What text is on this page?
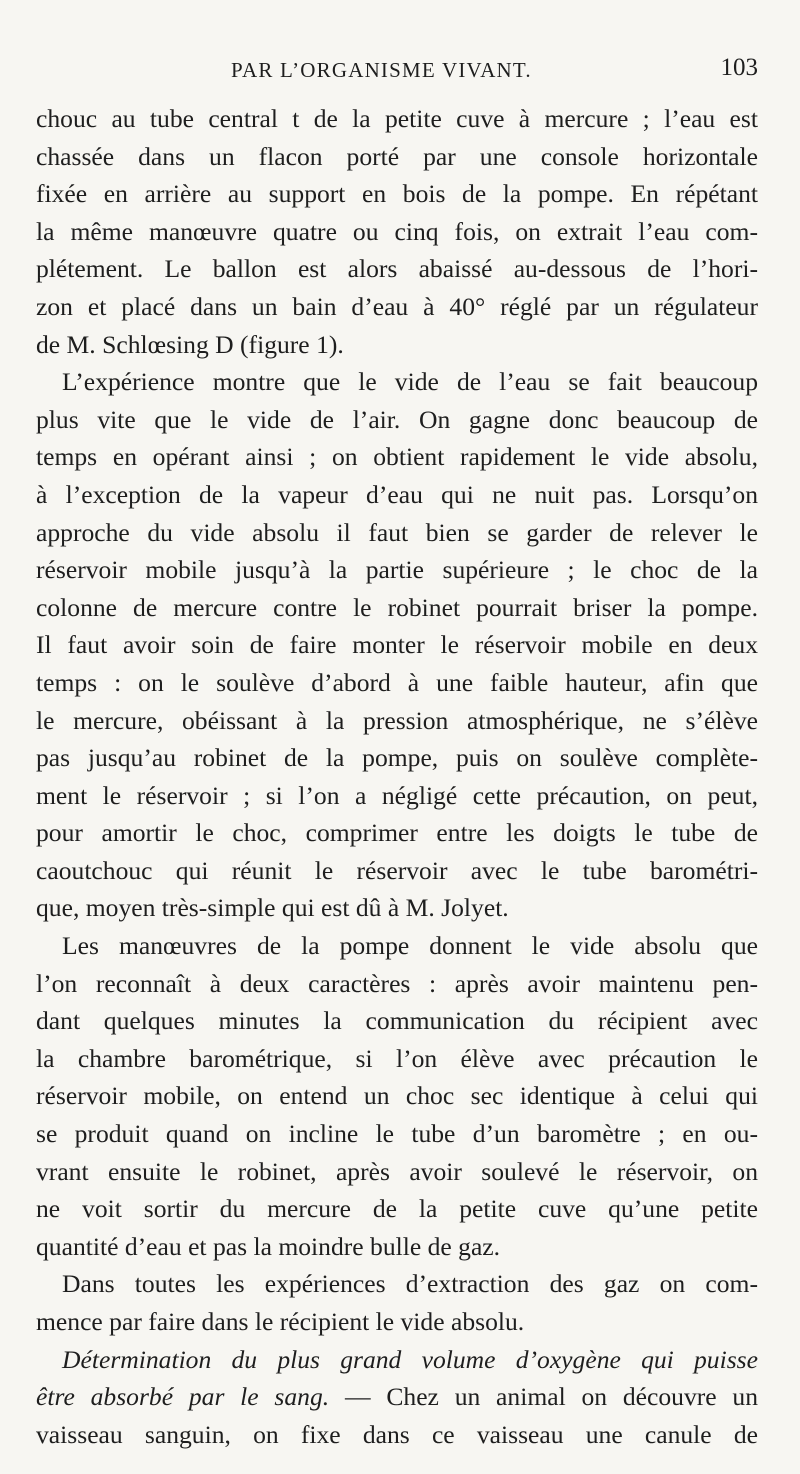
PAR L’ORGANISME VIVANT.	103
chouc au tube central t de la petite cuve à mercure ; l’eau est
chassée dans un flacon porté par une console horizontale
fixée en arrière au support en bois de la pompe. En répétant
la même manœuvre quatre ou cinq fois, on extrait l’eau com-
plétement. Le ballon est alors abaissé au-dessous de l’hori-
zon et placé dans un bain d’eau à 40° réglé par un régulateur
de M. Schlœsing D (figure 1).
L’expérience montre que le vide de l’eau se fait beaucoup
plus vite que le vide de l’air. On gagne donc beaucoup de
temps en opérant ainsi ; on obtient rapidement le vide absolu,
à l’exception de la vapeur d’eau qui ne nuit pas. Lorsqu’on
approche du vide absolu il faut bien se garder de relever le
réservoir mobile jusqu’à la partie supérieure ; le choc de la
colonne de mercure contre le robinet pourrait briser la pompe.
Il faut avoir soin de faire monter le réservoir mobile en deux
temps : on le soulève d’abord à une faible hauteur, afin que
le mercure, obéissant à la pression atmosphérique, ne s’élève
pas jusqu’au robinet de la pompe, puis on soulève complète-
ment le réservoir ; si l’on a négligé cette précaution, on peut,
pour amortir le choc, comprimer entre les doigts le tube de
caoutchouc qui réunit le réservoir avec le tube barométri-
que, moyen très-simple qui est dû à M. Jolyet.
Les manœuvres de la pompe donnent le vide absolu que
l’on reconnaît à deux caractères : après avoir maintenu pen-
dant quelques minutes la communication du récipient avec
la chambre barométrique, si l’on élève avec précaution le
réservoir mobile, on entend un choc sec identique à celui qui
se produit quand on incline le tube d’un baromètre ; en ou-
vrant ensuite le robinet, après avoir soulevé le réservoir, on
ne voit sortir du mercure de la petite cuve qu’une petite
quantité d’eau et pas la moindre bulle de gaz.
Dans toutes les expériences d’extraction des gaz on com-
mence par faire dans le récipient le vide absolu.
Détermination du plus grand volume d’oxygène qui puisse
être absorbé par le sang. — Chez un animal on découvre un
vaisseau sanguin, on fixe dans ce vaisseau une canule de
